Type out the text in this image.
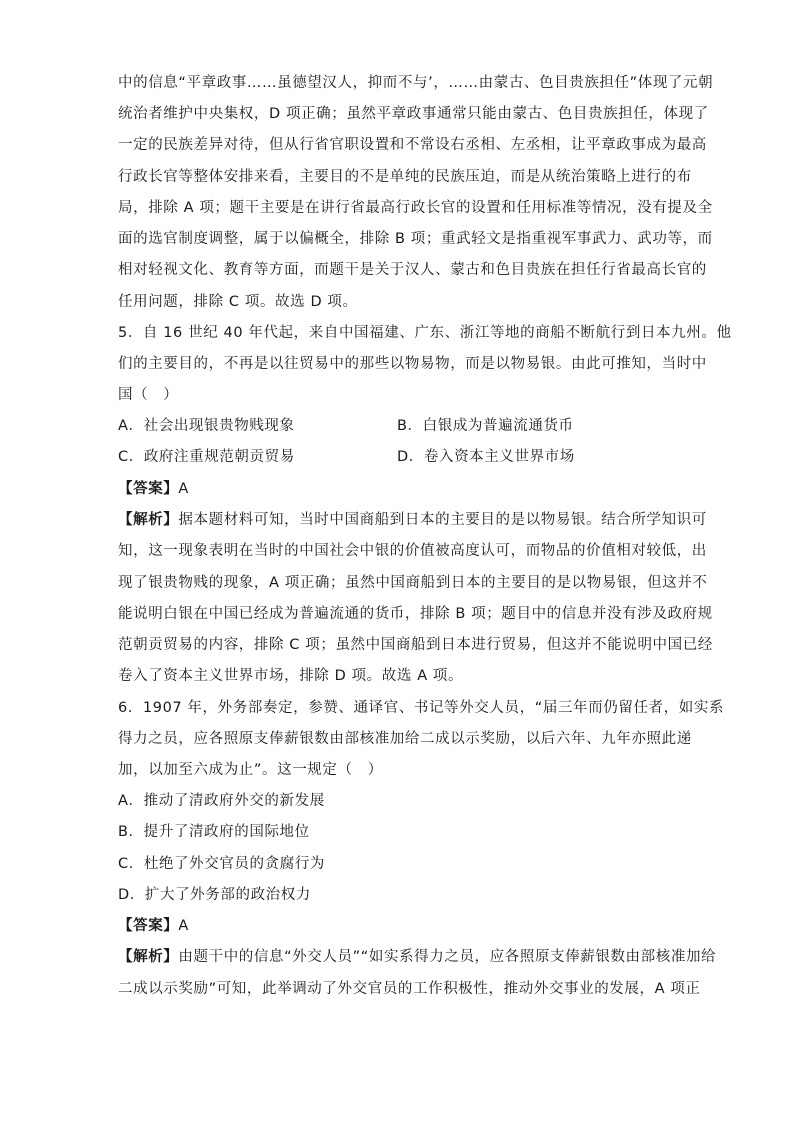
中的信息“平章政事……虽德望汉人，抑而不与’，……由蒙古、色目贵族担任”体现了元朝
统治者维护中央集权，D 项正确；虽然平章政事通常只能由蒙古、色目贵族担任，体现了
一定的民族差异对待，但从行省官职设置和不常设右丞相、左丞相，让平章政事成为最高
行政长官等整体安排来看，主要目的不是单纯的民族压迫，而是从统治策略上进行的布
局，排除 A 项；题干主要是在讲行省最高行政长官的设置和任用标准等情况，没有提及全
面的选官制度调整，属于以偏概全，排除 B 项；重武轻文是指重视军事武力、武功等，而
相对轻视文化、教育等方面，而题干是关于汉人、蒙古和色目贵族在担任行省最高长官的
任用问题，排除 C 项。故选 D 项。
5．自 16 世纪 40 年代起，来自中国福建、广东、浙江等地的商船不断航行到日本九州。他
们的主要目的，不再是以往贸易中的那些以物易物，而是以物易银。由此可推知，当时中
国（　）
A．社会出现银贵物贱现象	B．白银成为普遍流通货币
C．政府注重规范朝贡贸易	D．卷入资本主义世界市场
【答案】A
【解析】据本题材料可知，当时中国商船到日本的主要目的是以物易银。结合所学知识可
知，这一现象表明在当时的中国社会中银的价值被高度认可，而物品的价值相对较低，出
现了银贵物贱的现象，A 项正确；虽然中国商船到日本的主要目的是以物易银，但这并不
能说明白银在中国已经成为普遍流通的货币，排除 B 项；题目中的信息并没有涉及政府规
范朝贡贸易的内容，排除 C 项；虽然中国商船到日本进行贸易，但这并不能说明中国已经
卷入了资本主义世界市场，排除 D 项。故选 A 项。
6．1907 年，外务部奏定，参赞、通译官、书记等外交人员，“届三年而仍留任者，如实系
得力之员，应各照原支俸薪银数由部核准加给二成以示奖励，以后六年、九年亦照此递
加，以加至六成为止”。这一规定（　）
A．推动了清政府外交的新发展
B．提升了清政府的国际地位
C．杜绝了外交官员的贪腐行为
D．扩大了外务部的政治权力
【答案】A
【解析】由题干中的信息“外交人员”“如实系得力之员，应各照原支俸薪银数由部核准加给
二成以示奖励”可知，此举调动了外交官员的工作积极性，推动外交事业的发展，A 项正
